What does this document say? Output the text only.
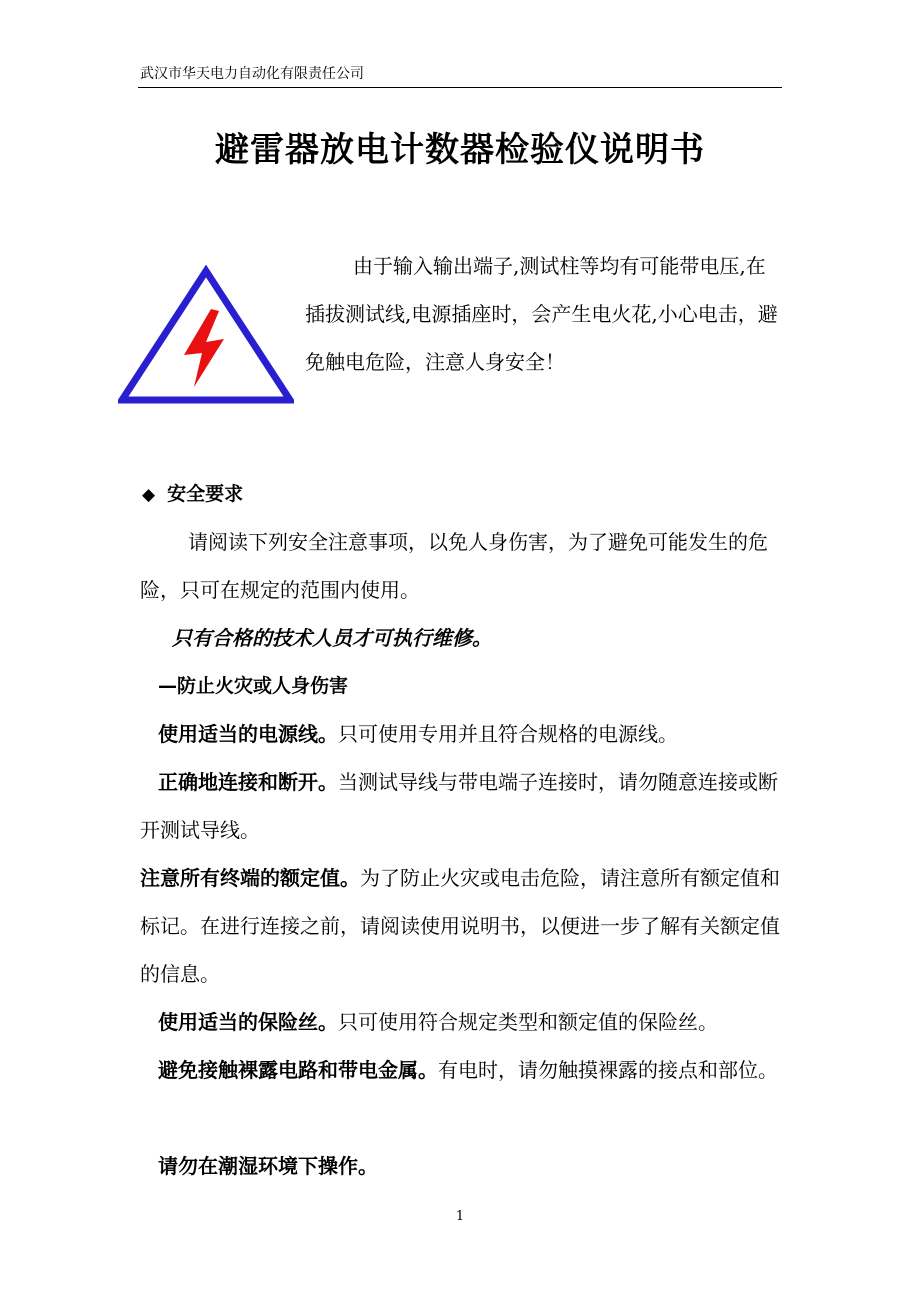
武汉市华天电力自动化有限责任公司
避雷器放电计数器检验仪说明书
由于输入输出端子,测试柱等均有可能带电压,在插拔测试线,电源插座时，会产生电火花,小心电击，避免触电危险，注意人身安全！
◆ 安全要求
请阅读下列安全注意事项，以免人身伤害，为了避免可能发生的危险，只可在规定的范围内使用。
只有合格的技术人员才可执行维修。
—防止火灾或人身伤害
使用适当的电源线。只可使用专用并且符合规格的电源线。
正确地连接和断开。当测试导线与带电端子连接时，请勿随意连接或断开测试导线。
注意所有终端的额定值。为了防止火灾或电击危险，请注意所有额定值和标记。在进行连接之前，请阅读使用说明书，以便进一步了解有关额定值的信息。
使用适当的保险丝。只可使用符合规定类型和额定值的保险丝。
避免接触裸露电路和带电金属。有电时，请勿触摸裸露的接点和部位。
请勿在潮湿环境下操作。
1
